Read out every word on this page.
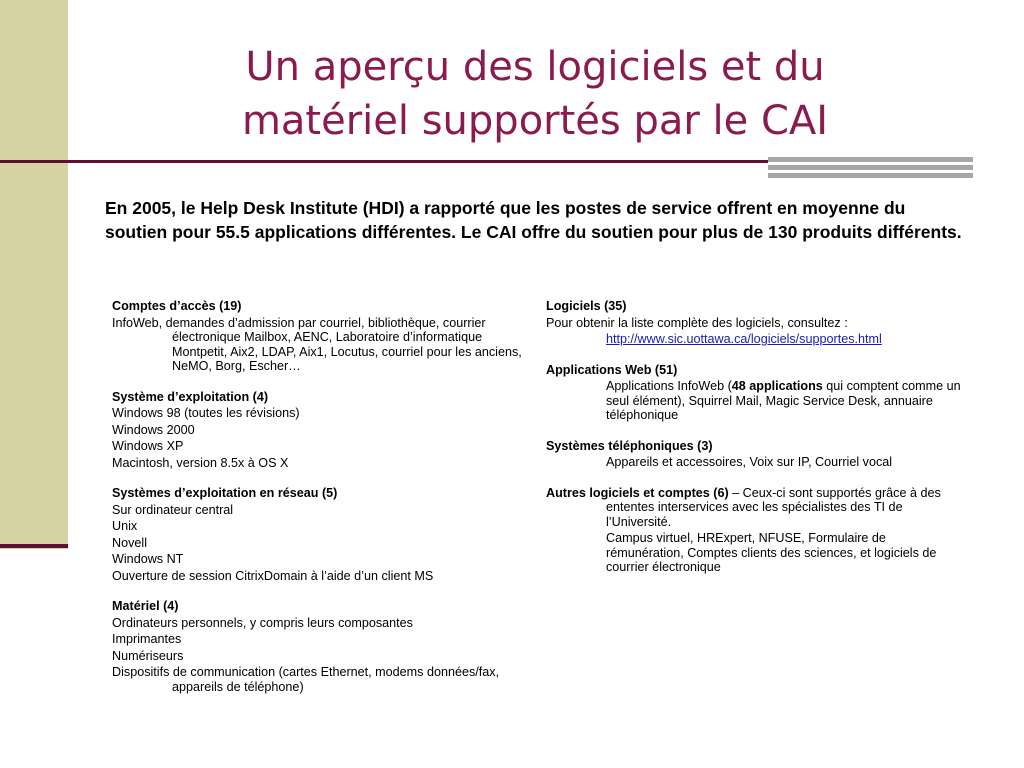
Un aperçu des logiciels et du
matériel supportés par le CAI
En 2005, le Help Desk Institute (HDI) a rapporté que les postes de service offrent en moyenne du soutien pour 55.5 applications différentes. Le CAI offre du soutien pour plus de 130 produits différents.
Comptes d’accès (19)
InfoWeb, demandes d’admission par courriel, bibliothèque, courrier électronique Mailbox, AENC, Laboratoire d’informatique Montpetit, Aix2, LDAP, Aix1, Locutus, courriel pour les anciens, NeMO, Borg, Escher…
Système d’exploitation (4)
Windows 98 (toutes les révisions)
Windows 2000
Windows XP
Macintosh, version 8.5x à OS X
Systèmes d’exploitation en réseau (5)
Sur ordinateur central
Unix
Novell
Windows NT
Ouverture de session CitrixDomain à l’aide d’un client MS
Matériel (4)
Ordinateurs personnels, y compris leurs composantes
Imprimantes
Numériseurs
Dispositifs de communication (cartes Ethernet, modems données/fax, appareils de téléphone)
Logiciels (35)
Pour obtenir la liste complète des logiciels, consultez :
http://www.sic.uottawa.ca/logiciels/supportes.html
Applications Web (51)
Applications InfoWeb (48 applications qui comptent comme un seul élément), Squirrel Mail, Magic Service Desk, annuaire téléphonique
Systèmes téléphoniques (3)
Appareils et accessoires, Voix sur IP, Courriel vocal
Autres logiciels et comptes (6) – Ceux-ci sont supportés grâce à des ententes interservices avec les spécialistes des TI de l’Université.
Campus virtuel, HRExpert, NFUSE, Formulaire de rémunération, Comptes clients des sciences, et logiciels de courrier électronique
